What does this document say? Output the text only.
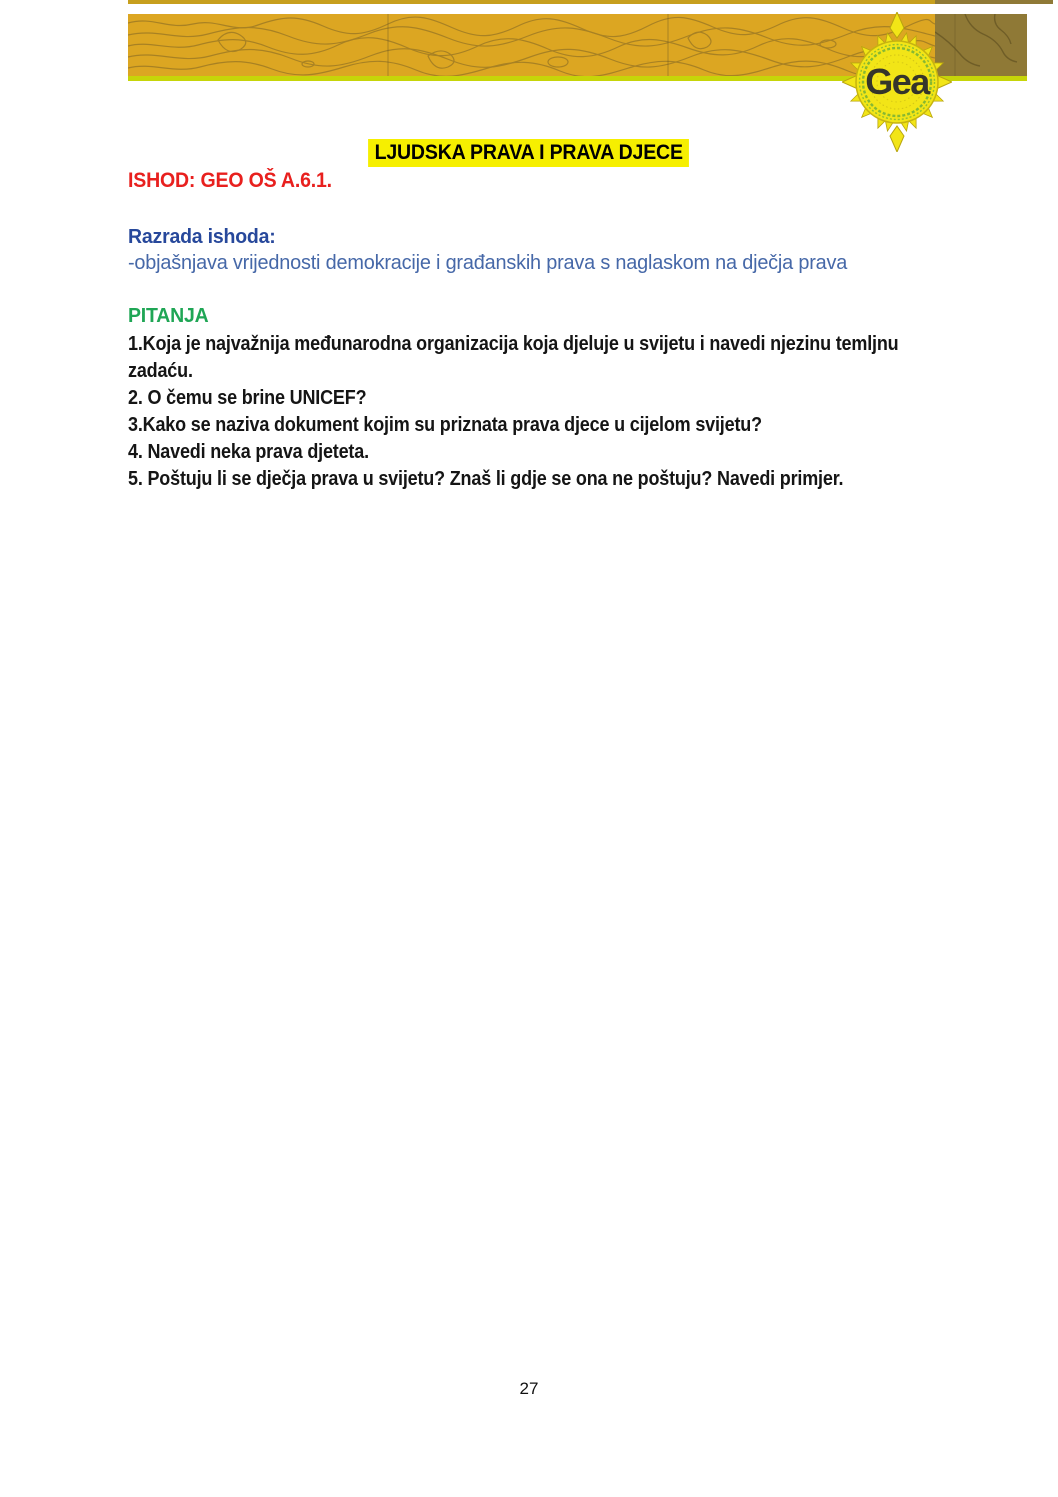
Gea
LJUDSKA PRAVA I PRAVA DJECE
ISHOD: GEO OŠ A.6.1.
Razrada ishoda:
-objašnjava vrijednosti demokracije i građanskih prava s naglaskom na dječja prava
PITANJA

1.Koja je najvažnija međunarodna organizacija koja djeluje u svijetu i navedi njezinu temljnu zadaću.

2. O čemu se brine UNICEF?

3.Kako se naziva dokument kojim su priznata prava djece u cijelom svijetu?

4. Navedi neka prava djeteta.

5. Poštuju li se dječja prava u svijetu? Znaš li gdje se ona ne poštuju? Navedi primjer.

27
